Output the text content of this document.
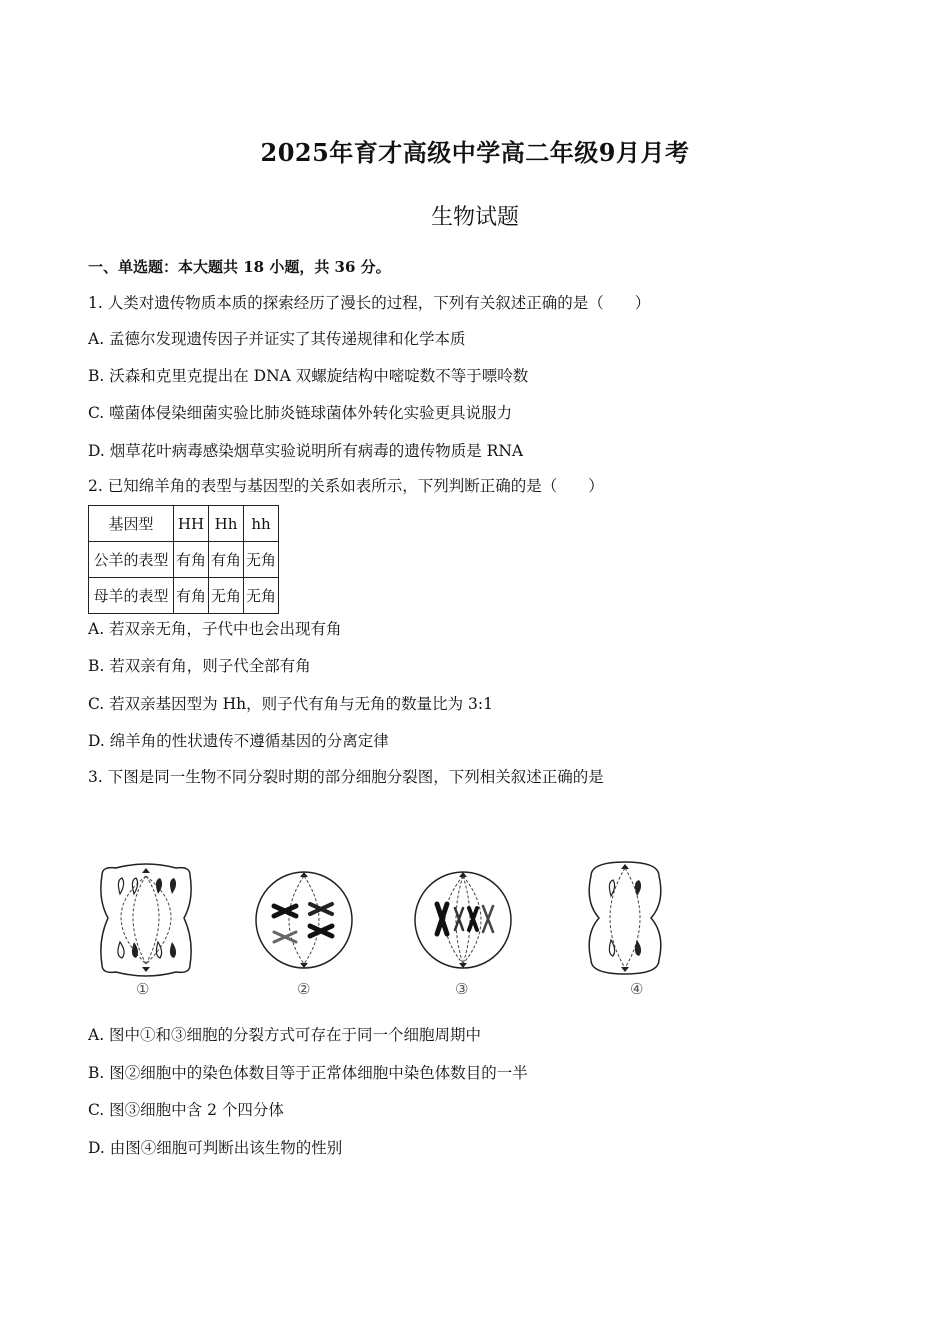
2025年育才高级中学高二年级9月月考
生物试题
一、单选题：本大题共 18 小题，共 36 分。
1. 人类对遗传物质本质的探索经历了漫长的过程，下列有关叙述正确的是（　　）
A. 孟德尔发现遗传因子并证实了其传递规律和化学本质
B. 沃森和克里克提出在 DNA 双螺旋结构中嘧啶数不等于嘌呤数
C. 噬菌体侵染细菌实验比肺炎链球菌体外转化实验更具说服力
D. 烟草花叶病毒感染烟草实验说明所有病毒的遗传物质是 RNA
2. 已知绵羊角的表型与基因型的关系如表所示，下列判断正确的是（　　）
基因型	HH	Hh	hh
公羊的表型	有角	有角	无角
母羊的表型	有角	无角	无角
A. 若双亲无角，子代中也会出现有角
B. 若双亲有角，则子代全部有角
C. 若双亲基因型为 Hh，则子代有角与无角的数量比为 3:1
D. 绵羊角的性状遗传不遵循基因的分离定律
3. 下图是同一生物不同分裂时期的部分细胞分裂图，下列相关叙述正确的是
①	②	③	④
A. 图中①和③细胞的分裂方式可存在于同一个细胞周期中
B. 图②细胞中的染色体数目等于正常体细胞中染色体数目的一半
C. 图③细胞中含 2 个四分体
D. 由图④细胞可判断出该生物的性别
